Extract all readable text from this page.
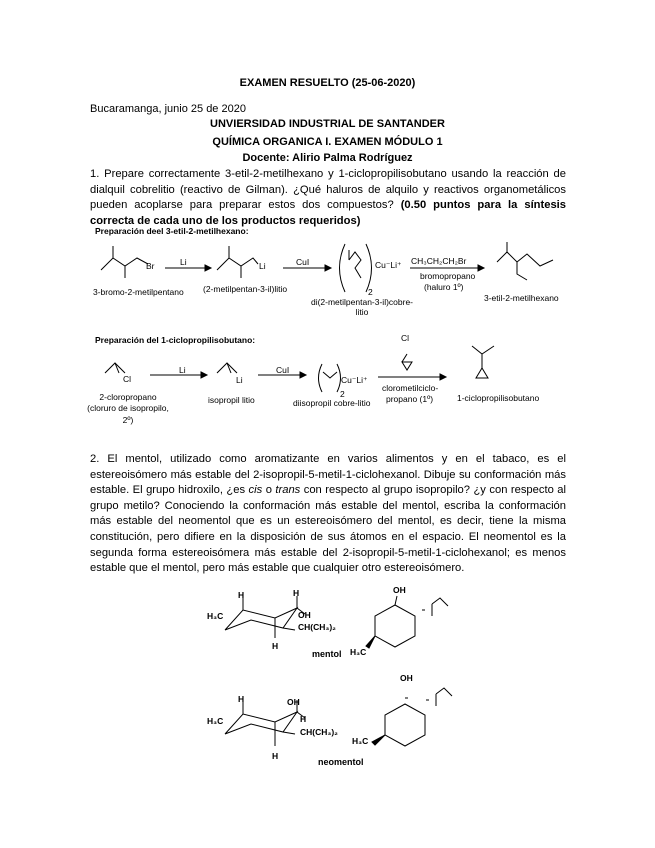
EXAMEN RESUELTO (25-06-2020)
Bucaramanga, junio 25 de 2020
UNVIERSIDAD INDUSTRIAL DE SANTANDER
QUÍMICA ORGANICA I. EXAMEN MÓDULO 1
Docente: Alirio Palma Rodríguez
1. Prepare correctamente 3-etil-2-metilhexano y 1-ciclopropilisobutano usando la reacción de dialquil cobrelitio (reactivo de Gilman). ¿Qué haluros de alquilo y reactivos organometálicos pueden acoplarse para preparar estos dos compuestos? (0.50 puntos para la síntesis correcta de cada uno de los productos requeridos)
Preparación deel 3-etil-2-metilhexano:
Br	Li	Li	CuI	Cu⁻Li⁺
2
CH₃CH₂CH₂Br
bromopropano
(haluro 1º)
3-bromo-2-metilpentano (2-metilpentan-3-il)litio
di(2-metilpentan-3-il)cobre-
litio
3-etil-2-metilhexano
Preparación del 1-ciclopropilisobutano:
Cl
Li
Li
CuI
Cu⁻Li⁺
2
Cl
clorometilciclo-
propano (1º)
2-cloropropano
(cloruro de isopropilo,
2º)
isopropil litio	diisopropil cobre-litio	1-ciclopropilisobutano
2. El mentol, utilizado como aromatizante en varios alimentos y en el tabaco, es el estereoisómero más estable del 2-isopropil-5-metil-1-ciclohexanol. Dibuje su conformación más estable. El grupo hidroxilo, ¿es cis o trans con respecto al grupo isopropilo? ¿y con respecto al grupo metilo? Conociendo la conformación más estable del mentol, escriba la conformación más estable del neomentol que es un estereoisómero del mentol, es decir, tiene la misma constitución, pero difiere en la disposición de sus átomos en el espacio. El neomentol es la segunda forma estereoisómera más estable del 2-isopropil-5-metil-1-ciclohexanol; es menos estable que el mentol, pero más estable que cualquier otro estereoisómero.
H	H
H₃C	OH
CH(CH₃)₂
H
OH
H₃C
mentol
H	OH
H₃C	H
CH(CH₃)₂
H
OH
H₃C
neomentol
